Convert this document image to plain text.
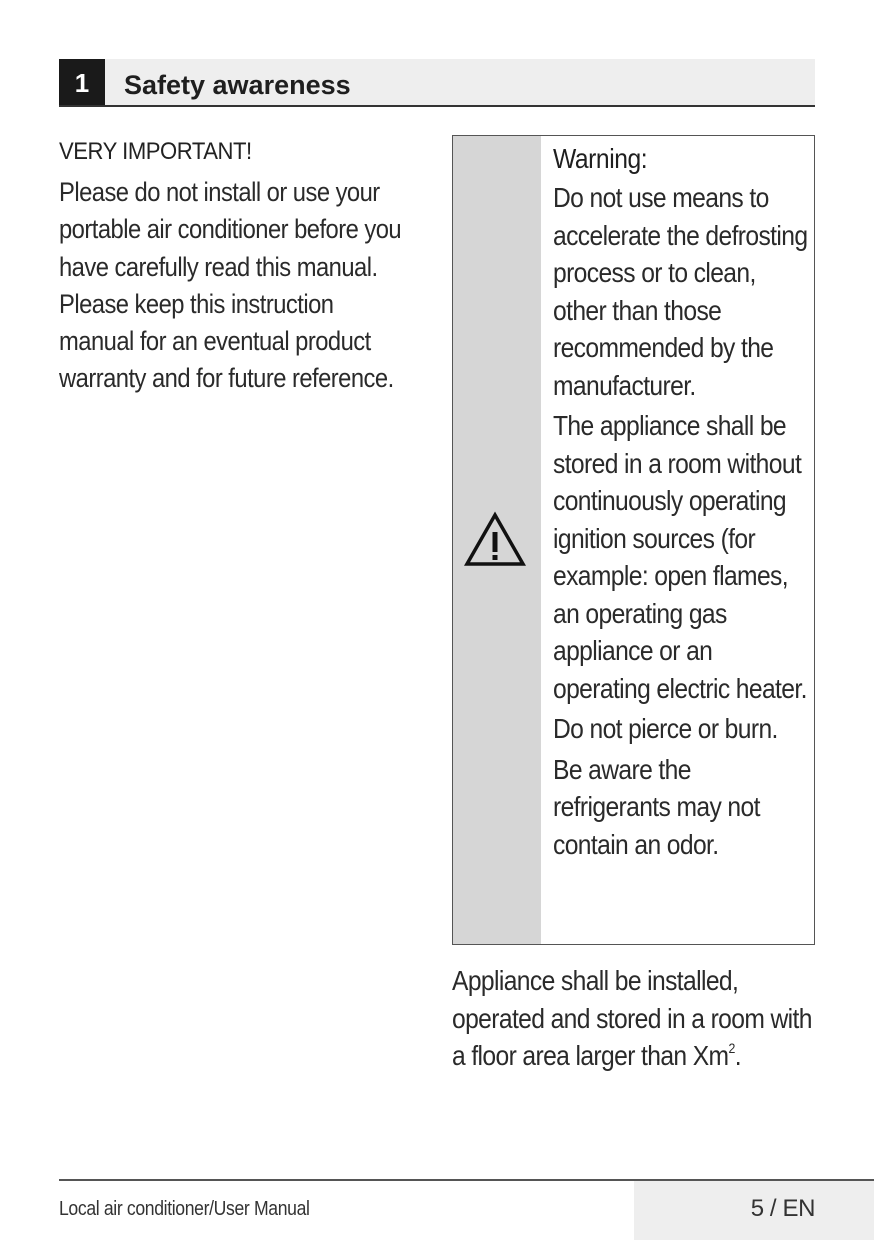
1	Safety awareness

VERY IMPORTANT!

Please do not install or use your portable air conditioner before you have carefully read this manual. Please keep this instruction manual for an eventual product warranty and for future reference.
Warning:
Do not use means to accelerate the defrosting process or to clean, other than those recommended by the manufacturer.
The appliance shall be stored in a room without continuously operating ignition sources (for example: open flames, an operating gas appliance or an operating electric heater.
Do not pierce or burn.
Be aware the refrigerants may not contain an odor.
Appliance shall be installed, operated and stored in a room with a floor area larger than Xm$^2$.
Local air conditioner/User Manual	5 / EN
